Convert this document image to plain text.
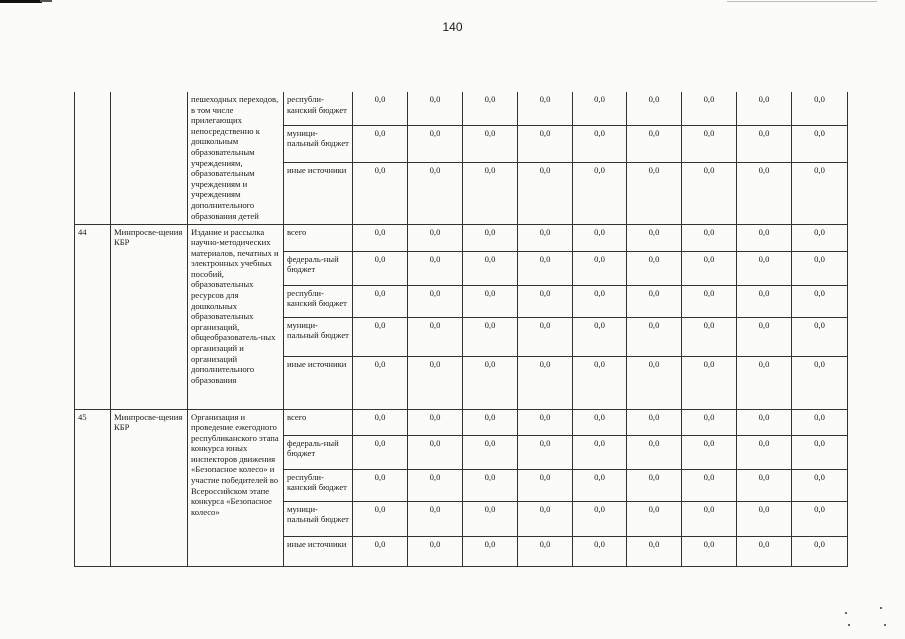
140
		пешеходных переходов, в том числе прилегающих непосредственно к дошкольным образовательным учреждениям, образовательным учреждениям и учреждениям дополнительного образования детей	республи-канский бюджет	0,0	0,0	0,0	0,0	0,0	0,0	0,0	0,0	0,0
			муници-пальный бюджет	0,0	0,0	0,0	0,0	0,0	0,0	0,0	0,0	0,0
			иные источники	0,0	0,0	0,0	0,0	0,0	0,0	0,0	0,0	0,0
44	Минпросве-щения КБР	Издание и рассылка научно-методических материалов, печатных и электронных учебных пособий, образовательных ресурсов для дошкольных образовательных организаций, общеобразователь-ных организаций и организаций дополнительного образования	всего	0,0	0,0	0,0	0,0	0,0	0,0	0,0	0,0	0,0
			федераль-ный бюджет	0,0	0,0	0,0	0,0	0,0	0,0	0,0	0,0	0,0
			республи-канский бюджет	0,0	0,0	0,0	0,0	0,0	0,0	0,0	0,0	0,0
			муници-пальный бюджет	0,0	0,0	0,0	0,0	0,0	0,0	0,0	0,0	0,0
			иные источники	0,0	0,0	0,0	0,0	0,0	0,0	0,0	0,0	0,0
45	Минпросве-щения КБР	Организация и проведение ежегодного республиканского этапа конкурса юных инспекторов движения «Безопасное колесо» и участие победителей во Всероссийском этапе конкурса «Безопасное колесо»	всего	0,0	0,0	0,0	0,0	0,0	0,0	0,0	0,0	0,0
			федераль-ный бюджет	0,0	0,0	0,0	0,0	0,0	0,0	0,0	0,0	0,0
			республи-канский бюджет	0,0	0,0	0,0	0,0	0,0	0,0	0,0	0,0	0,0
			муници-пальный бюджет	0,0	0,0	0,0	0,0	0,0	0,0	0,0	0,0	0,0
			иные источники	0,0	0,0	0,0	0,0	0,0	0,0	0,0	0,0	0,0
